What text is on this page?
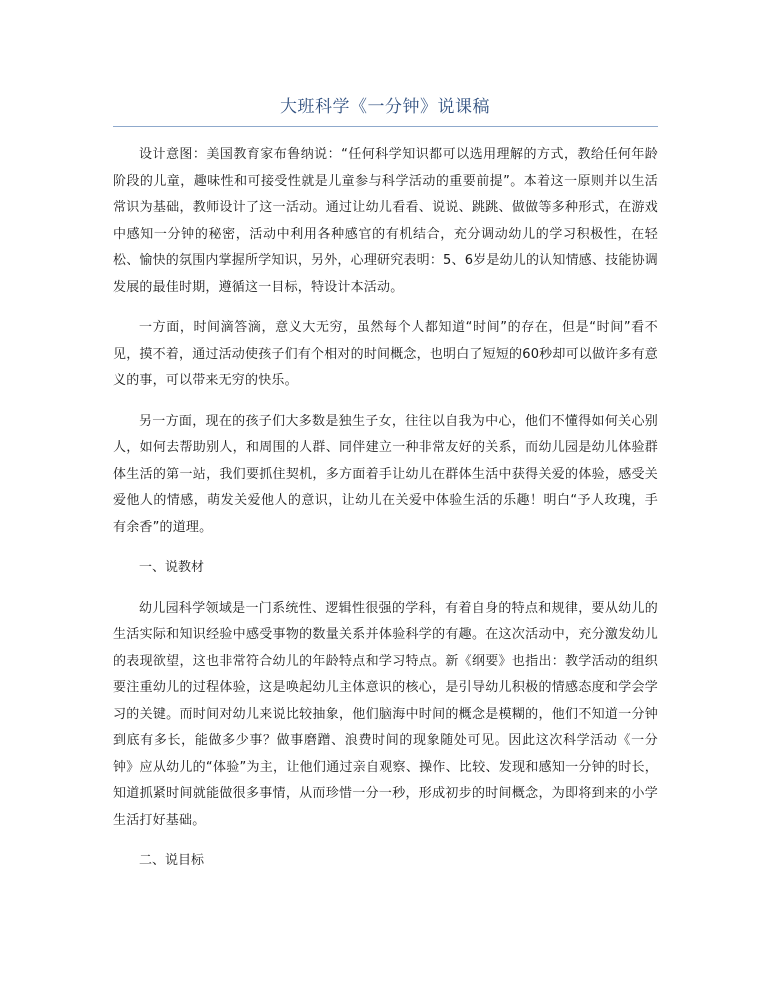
大班科学《一分钟》说课稿

设计意图：美国教育家布鲁纳说：“任何科学知识都可以选用理解的方式，教给任何年龄阶段的儿童，趣味性和可接受性就是儿童参与科学活动的重要前提”。本着这一原则并以生活常识为基础，教师设计了这一活动。通过让幼儿看看、说说、跳跳、做做等多种形式，在游戏中感知一分钟的秘密，活动中利用各种感官的有机结合，充分调动幼儿的学习积极性，在轻松、愉快的氛围内掌握所学知识，另外，心理研究表明：5、6岁是幼儿的认知情感、技能协调发展的最佳时期，遵循这一目标，特设计本活动。

一方面，时间滴答滴，意义大无穷，虽然每个人都知道“时间”的存在，但是“时间”看不见，摸不着，通过活动使孩子们有个相对的时间概念，也明白了短短的60秒却可以做许多有意义的事，可以带来无穷的快乐。

另一方面，现在的孩子们大多数是独生子女，往往以自我为中心，他们不懂得如何关心别人，如何去帮助别人，和周围的人群、同伴建立一种非常友好的关系，而幼儿园是幼儿体验群体生活的第一站，我们要抓住契机，多方面着手让幼儿在群体生活中获得关爱的体验，感受关爱他人的情感，萌发关爱他人的意识，让幼儿在关爱中体验生活的乐趣！明白“予人玫瑰，手有余香”的道理。

一、说教材

幼儿园科学领域是一门系统性、逻辑性很强的学科，有着自身的特点和规律，要从幼儿的生活实际和知识经验中感受事物的数量关系并体验科学的有趣。在这次活动中，充分激发幼儿的表现欲望，这也非常符合幼儿的年龄特点和学习特点。新《纲要》也指出：教学活动的组织要注重幼儿的过程体验，这是唤起幼儿主体意识的核心，是引导幼儿积极的情感态度和学会学习的关键。而时间对幼儿来说比较抽象，他们脑海中时间的概念是模糊的，他们不知道一分钟到底有多长，能做多少事？做事磨蹭、浪费时间的现象随处可见。因此这次科学活动《一分钟》应从幼儿的“体验”为主，让他们通过亲自观察、操作、比较、发现和感知一分钟的时长，知道抓紧时间就能做很多事情，从而珍惜一分一秒，形成初步的时间概念，为即将到来的小学生活打好基础。

二、说目标
